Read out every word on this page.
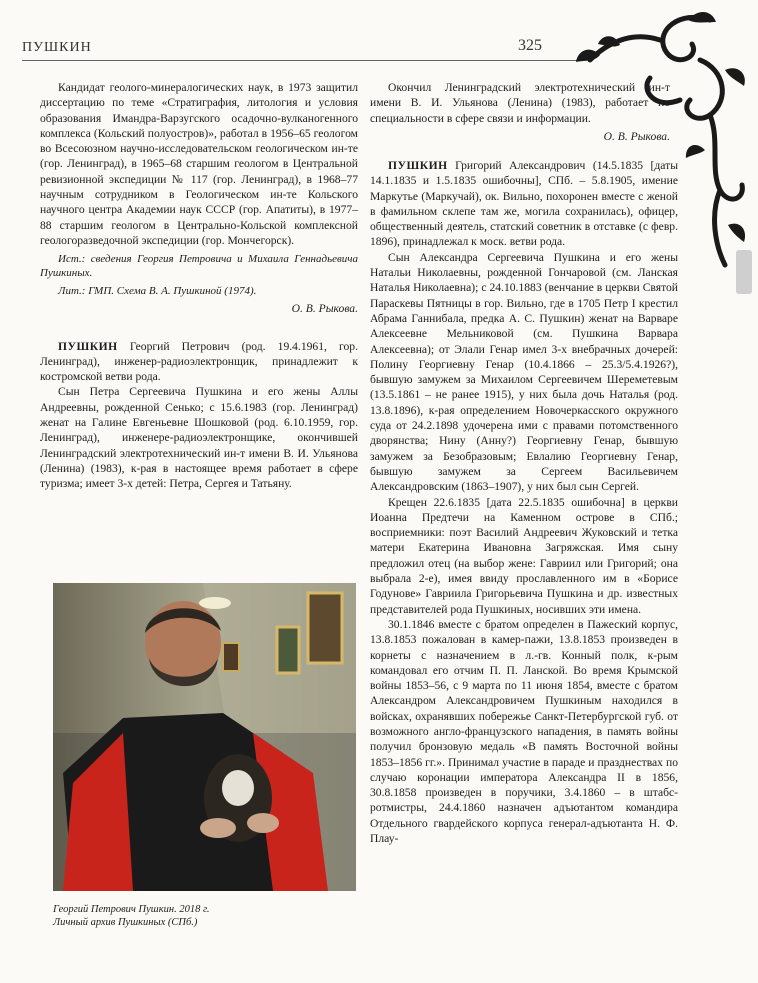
ПУШКИН	325

Кандидат геолого-минералогических наук, в 1973 защитил диссертацию по теме «Стратиграфия, литология и условия образования Имандра-Варзугского осадочно-вулканогенного комплекса (Кольский полуостров)», работал в 1956–65 геологом во Всесоюзном научно-исследовательском геологическом ин-те (гор. Ленинград), в 1965–68 старшим геологом в Центральной ревизионной экспедиции № 117 (гор. Ленинград), в 1968–77 научным сотрудником в Геологическом ин-те Кольского научного центра Академии наук СССР (гор. Апатиты), в 1977–88 старшим геологом в Центрально-Кольской комплексной геологоразведочной экспедиции (гор. Мончегорск).

Ист.: сведения Георгия Петровича и Михаила Геннадьевича Пушкиных.

Лит.: ГМП. Схема В. А. Пушкиной (1974).

О. В. Рыкова.

ПУШКИН Георгий Петрович (род. 19.4.1961, гор. Ленинград), инженер-радиоэлектронщик, принадлежит к костромской ветви рода.

Сын Петра Сергеевича Пушкина и его жены Аллы Андреевны, рожденной Сенько; с 15.6.1983 (гор. Ленинград) женат на Галине Евгеньевне Шошковой (род. 6.10.1959, гор. Ленинград), инженере-радиоэлектронщике, окончившей Ленинградский электротехнический ин-т имени В. И. Ульянова (Ленина) (1983), к-рая в настоящее время работает в сфере туризма; имеет 3-х детей: Петра, Сергея и Татьяну.

Георгий Петрович Пушкин. 2018 г.
Личный архив Пушкиных (СПб.)

Окончил Ленинградский электротехнический ин-т имени В. И. Ульянова (Ленина) (1983), работает по специальности в сфере связи и информации.

О. В. Рыкова.

ПУШКИН Григорий Александрович (14.5.1835 [даты 14.1.1835 и 1.5.1835 ошибочны], СПб. – 5.8.1905, имение Маркутье (Маркучай), ок. Вильно, похоронен вместе с женой в фамильном склепе там же, могила сохранилась), офицер, общественный деятель, статский советник в отставке (с февр. 1896), принадлежал к моск. ветви рода.

Сын Александра Сергеевича Пушкина и его жены Натальи Николаевны, рожденной Гончаровой (см. Ланская Наталья Николаевна); с 24.10.1883 (венчание в церкви Святой Параскевы Пятницы в гор. Вильно, где в 1705 Петр I крестил Абрама Ганнибала, предка А. С. Пушкин) женат на Варваре Алексеевне Мельниковой (см. Пушкина Варвара Алексеевна); от Элали Генар имел 3-х внебрачных дочерей: Полину Георгиевну Генар (10.4.1866 – 25.3/5.4.1926?), бывшую замужем за Михаилом Сергеевичем Шереметевым (13.5.1861 – не ранее 1915), у них была дочь Наталья (род. 13.8.1896), к-рая определением Новочеркасского окружного суда от 24.2.1898 удочерена ими с правами потомственного дворянства; Нину (Анну?) Георгиевну Генар, бывшую замужем за Безобразовым; Евлалию Георгиевну Генар, бывшую замужем за Сергеем Васильевичем Александровским (1863–1907), у них был сын Сергей.

Крещен 22.6.1835 [дата 22.5.1835 ошибочна] в церкви Иоанна Предтечи на Каменном острове в СПб.; восприемники: поэт Василий Андреевич Жуковский и тетка матери Екатерина Ивановна Загряжская. Имя сыну предложил отец (на выбор жене: Гавриил или Григорий; она выбрала 2-е), имея ввиду прославленного им в «Борисе Годунове» Гавриила Григорьевича Пушкина и др. известных представителей рода Пушкиных, носивших эти имена.

30.1.1846 вместе с братом определен в Пажеский корпус, 13.8.1853 пожалован в камер-пажи, 13.8.1853 произведен в корнеты с назначением в л.-гв. Конный полк, к-рым командовал его отчим П. П. Ланской. Во время Крымской войны 1853–56, с 9 марта по 11 июня 1854, вместе с братом Александром Александровичем Пушкиным находился в войсках, охранявших побережье Санкт-Петербургской губ. от возможного англо-французского нападения, в память войны получил бронзовую медаль «В память Восточной войны 1853–1856 гг.». Принимал участие в параде и празднествах по случаю коронации императора Александра II в 1856, 30.8.1858 произведен в поручики, 3.4.1860 – в штабс-ротмистры, 24.4.1860 назначен адъютантом командира Отдельного гвардейского корпуса генерал-адъютанта Н. Ф. Плау-
